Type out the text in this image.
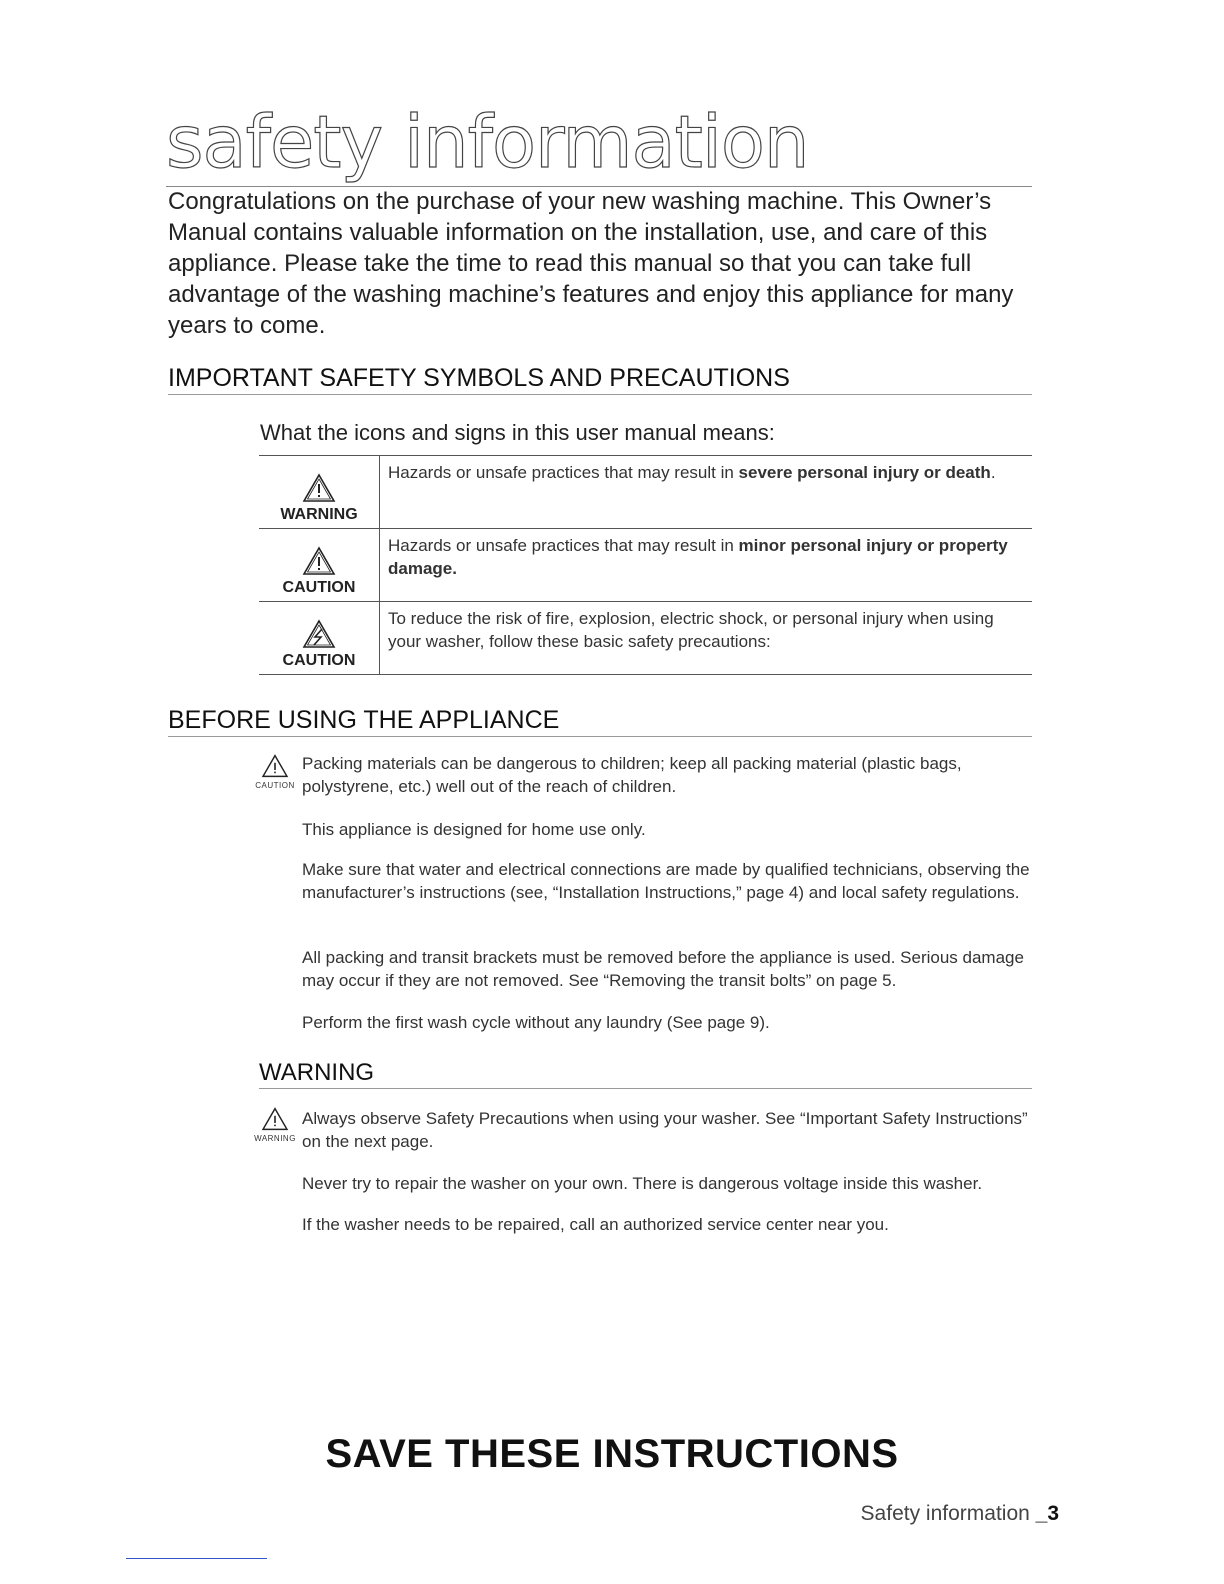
safety information
Congratulations on the purchase of your new washing machine. This Owner’s Manual contains valuable information on the installation, use, and care of this appliance. Please take the time to read this manual so that you can take full advantage of the washing machine’s features and enjoy this appliance for many years to come.
IMPORTANT SAFETY SYMBOLS AND PRECAUTIONS
What the icons and signs in this user manual means:
WARNING	Hazards or unsafe practices that may result in severe personal injury or death.

CAUTION	Hazards or unsafe practices that may result in minor personal injury or property damage.

CAUTION	To reduce the risk of fire, explosion, electric shock, or personal injury when using your washer, follow these basic safety precautions:
BEFORE USING THE APPLIANCE
CAUTION
Packing materials can be dangerous to children; keep all packing material (plastic bags, polystyrene, etc.) well out of the reach of children.
This appliance is designed for home use only.
Make sure that water and electrical connections are made by qualified technicians, observing the manufacturer’s instructions (see, “Installation Instructions,” page 4) and local safety regulations.
All packing and transit brackets must be removed before the appliance is used. Serious damage may occur if they are not removed. See “Removing the transit bolts” on page 5.
Perform the first wash cycle without any laundry (See page 9).
WARNING
WARNING
Always observe Safety Precautions when using your washer. See “Important Safety Instructions” on the next page.
Never try to repair the washer on your own. There is dangerous voltage inside this washer.
If the washer needs to be repaired, call an authorized service center near you.
SAVE THESE INSTRUCTIONS
Safety information _3
